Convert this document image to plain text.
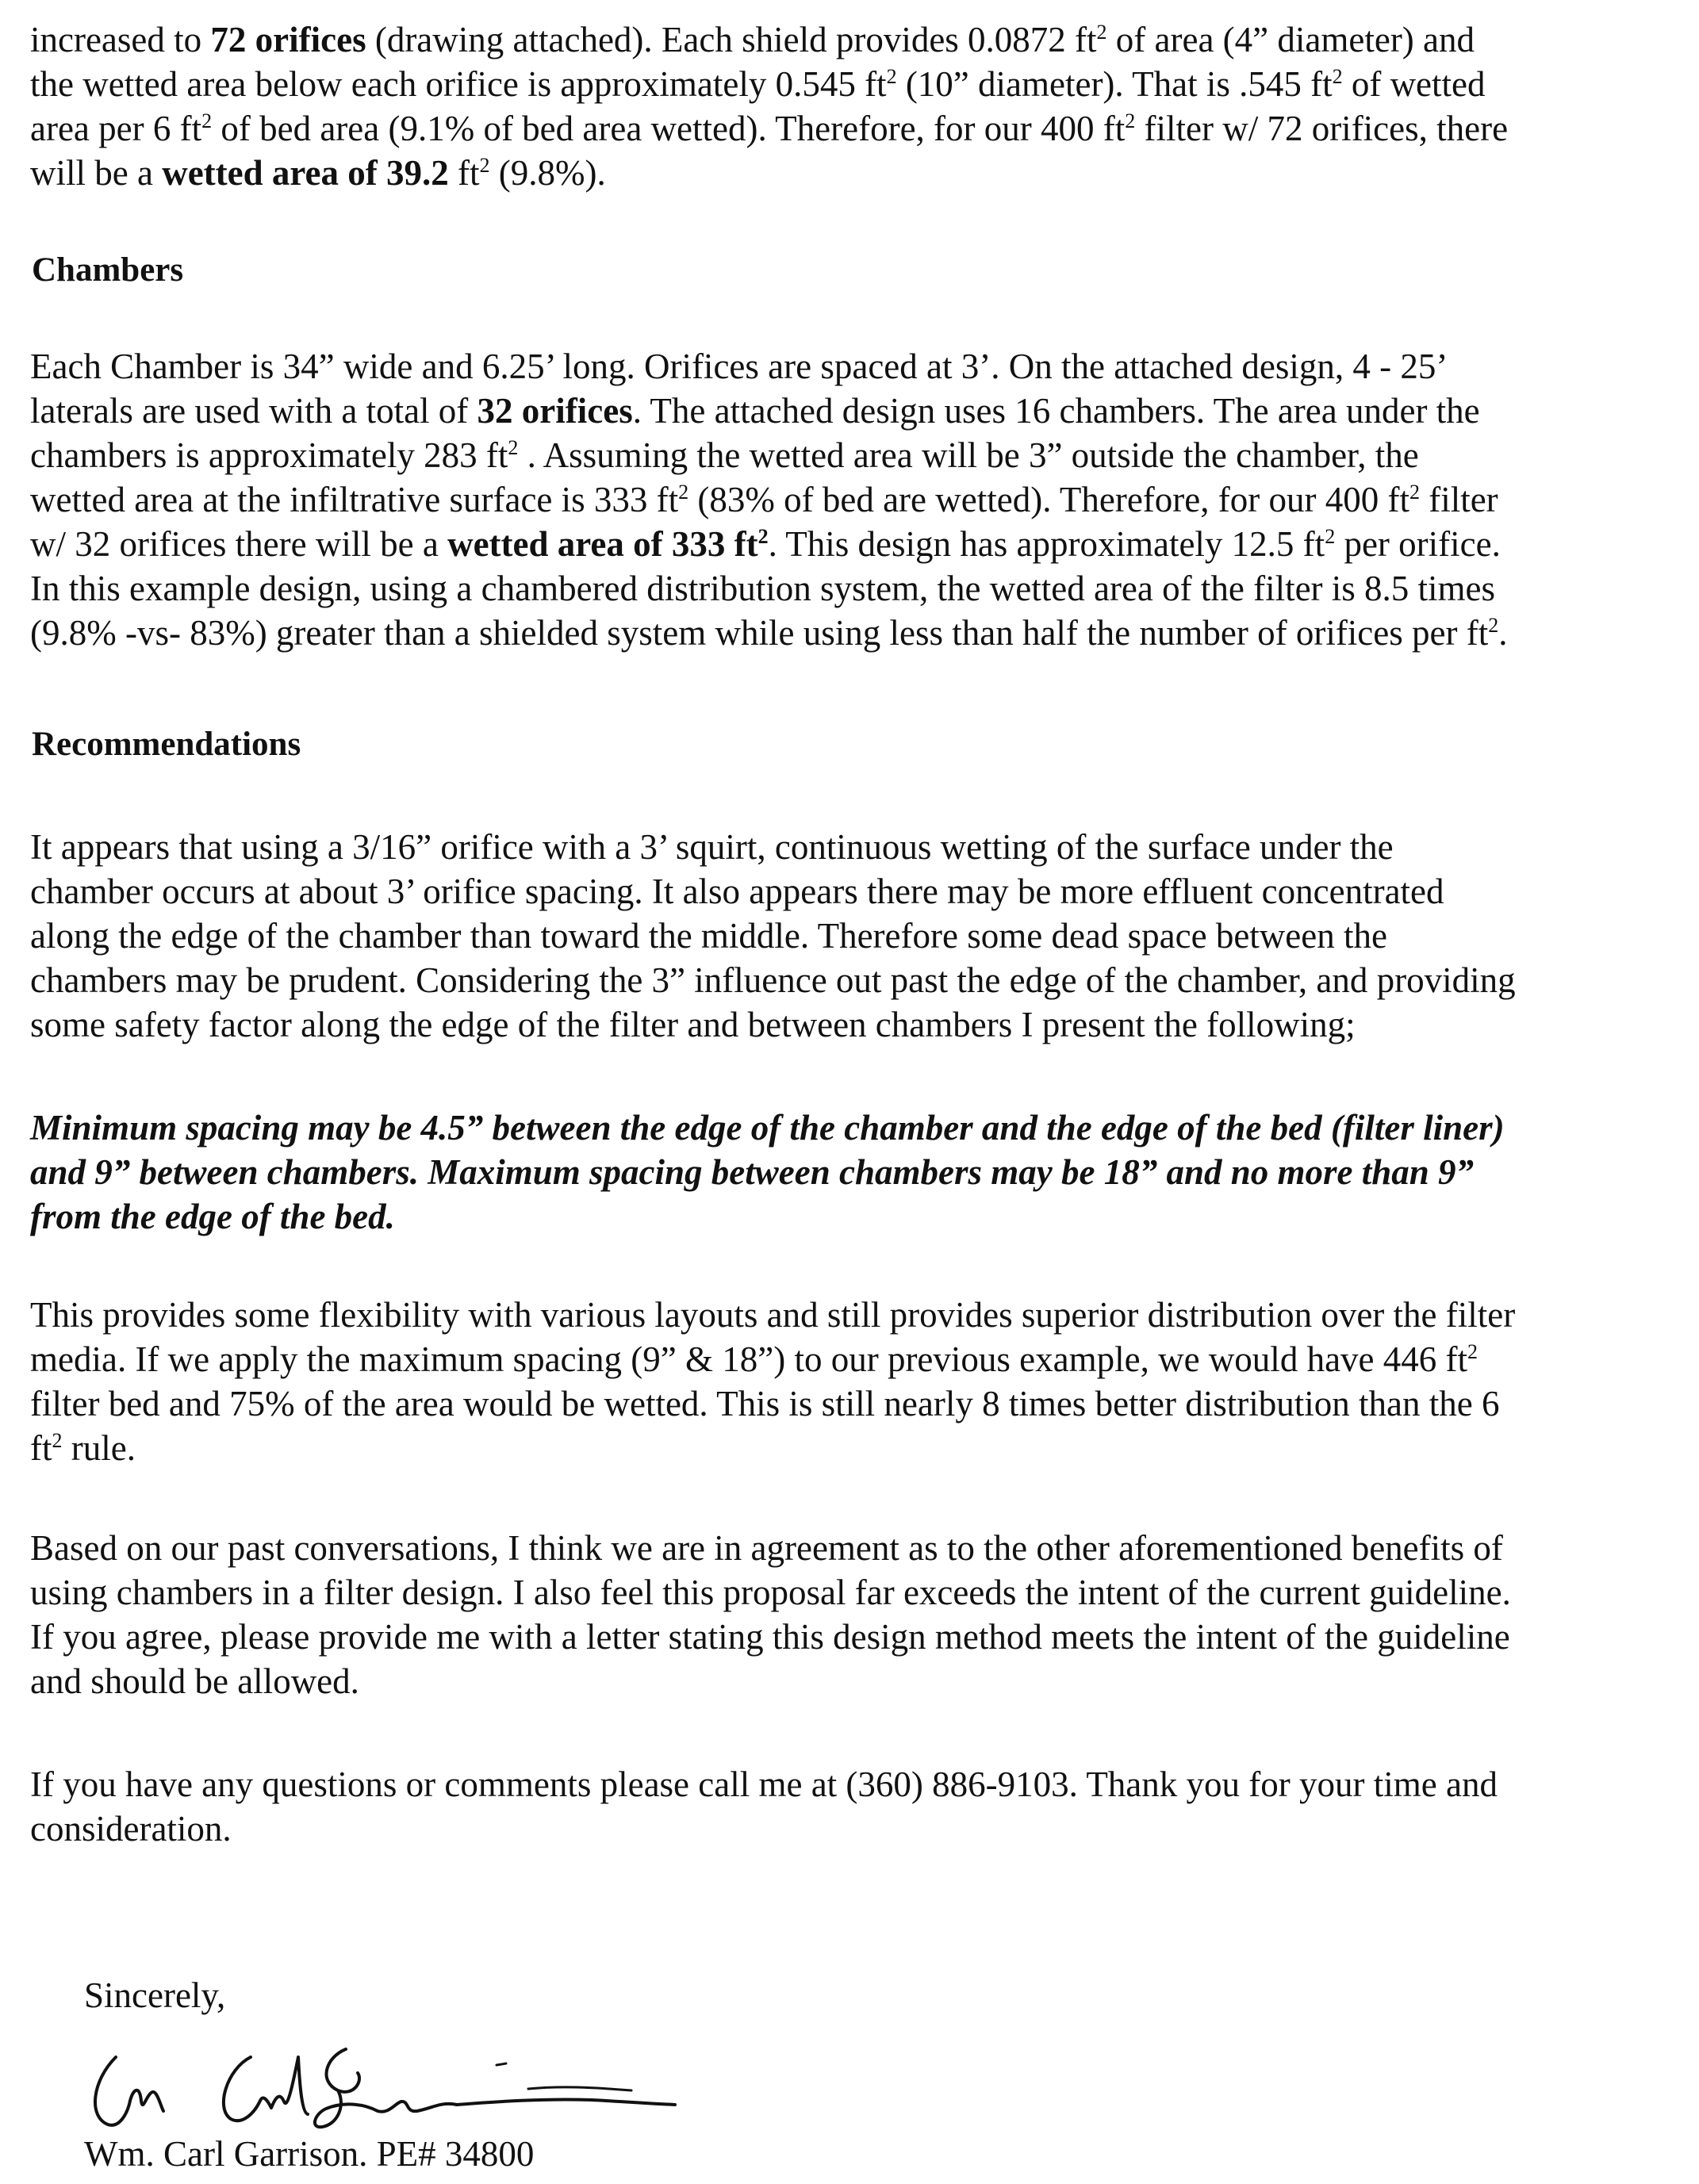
increased to 72 orifices (drawing attached). Each shield provides 0.0872 $ft^2$ of area (4” diameter) and
the wetted area below each orifice is approximately 0.545 $ft^2$ (10” diameter). That is .545 $ft^2$ of wetted
area per 6 $ft^2$ of bed area (9.1% of bed area wetted). Therefore, for our 400 $ft^2$ filter w/ 72 orifices, there
will be a wetted area of 39.2 $ft^2$ (9.8%).

Chambers

Each Chamber is 34” wide and 6.25’ long. Orifices are spaced at 3’. On the attached design, 4 - 25’
laterals are used with a total of 32 orifices. The attached design uses 16 chambers. The area under the
chambers is approximately 283 $ft^2$ . Assuming the wetted area will be 3” outside the chamber, the
wetted area at the infiltrative surface is 333 $ft^2$ (83% of bed are wetted). Therefore, for our 400 $ft^2$ filter
w/ 32 orifices there will be a wetted area of 333 $ft^2$. This design has approximately 12.5 $ft^2$ per orifice.
In this example design, using a chambered distribution system, the wetted area of the filter is 8.5 times
(9.8% -vs- 83%) greater than a shielded system while using less than half the number of orifices per $ft^2$.

Recommendations

It appears that using a 3/16” orifice with a 3’ squirt, continuous wetting of the surface under the
chamber occurs at about 3’ orifice spacing. It also appears there may be more effluent concentrated
along the edge of the chamber than toward the middle. Therefore some dead space between the
chambers may be prudent. Considering the 3” influence out past the edge of the chamber, and providing
some safety factor along the edge of the filter and between chambers I present the following;

Minimum spacing may be 4.5” between the edge of the chamber and the edge of the bed (filter liner)
and 9” between chambers. Maximum spacing between chambers may be 18” and no more than 9”
from the edge of the bed.

This provides some flexibility with various layouts and still provides superior distribution over the filter
media. If we apply the maximum spacing (9” & 18”) to our previous example, we would have 446 $ft^2$
filter bed and 75% of the area would be wetted. This is still nearly 8 times better distribution than the 6
$ft^2$ rule.

Based on our past conversations, I think we are in agreement as to the other aforementioned benefits of
using chambers in a filter design. I also feel this proposal far exceeds the intent of the current guideline.
If you agree, please provide me with a letter stating this design method meets the intent of the guideline
and should be allowed.

If you have any questions or comments please call me at (360) 886-9103. Thank you for your time and
consideration.

Sincerely,

Wm. Carl Garrison. PE# 34800
